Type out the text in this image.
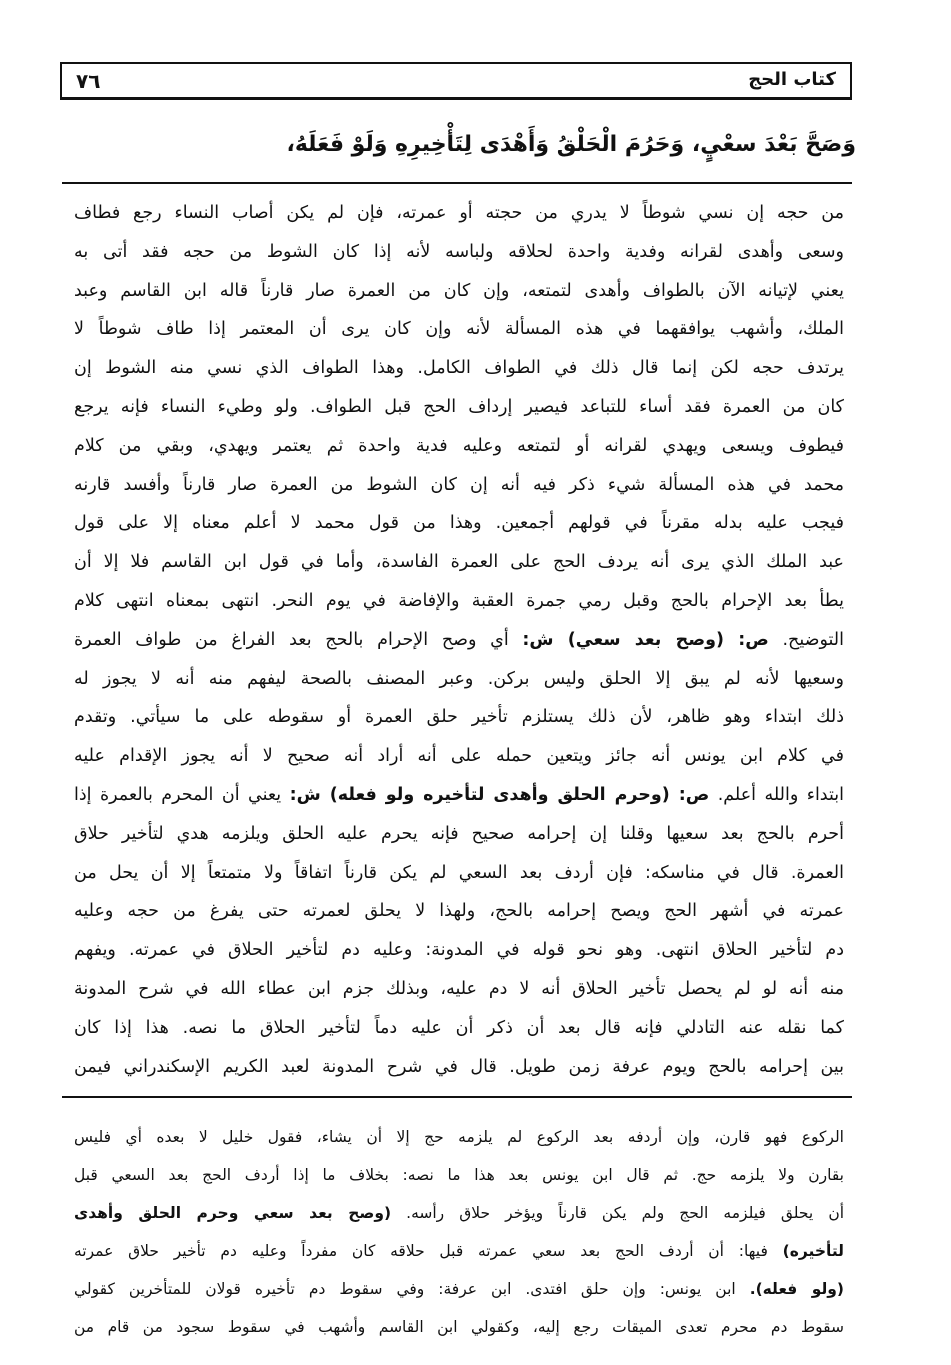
٧٦	كتاب الحج
وَصَحَّ بَعْدَ سعْيٍ، وَحَرُمَ الْحَلْقُ وَأَهْدَى لِتَأْخِيرِهِ وَلَوْ فَعَلَهُ،
من حجه إن نسي شوطاً لا يدري من حجته أو عمرته، فإن لم يكن أصاب النساء رجع فطاف
وسعى وأهدى لقرانه وفدية واحدة لحلاقه ولباسه لأنه إذا كان الشوط من حجه فقد أتى به
يعني لإتيانه الآن بالطواف وأهدى لتمتعه، وإن كان من العمرة صار قارناً قاله ابن القاسم وعبد
الملك، وأشهب يوافقهما في هذه المسألة لأنه وإن كان يرى أن المعتمر إذا طاف شوطاً لا
يرتدف حجه لكن إنما قال ذلك في الطواف الكامل. وهذا الطواف الذي نسي منه الشوط إن
كان من العمرة فقد أساء للتباعد فيصير إرداف الحج قبل الطواف. ولو وطيء النساء فإنه يرجع
فيطوف ويسعى ويهدي لقرانه أو لتمتعه وعليه فدية واحدة ثم يعتمر ويهدي، وبقي من كلام
محمد في هذه المسألة شيء ذكر فيه أنه إن كان الشوط من العمرة صار قارناً وأفسد قارنه
فيجب عليه بدله مقرناً في قولهم أجمعين. وهذا من قول محمد لا أعلم معناه إلا على قول
عبد الملك الذي يرى أنه يردف الحج على العمرة الفاسدة، وأما في قول ابن القاسم فلا إلا أن
يطأ بعد الإحرام بالحج وقبل رمي جمرة العقبة والإفاضة في يوم النحر. انتهى بمعناه انتهى كلام
التوضيح. ص: (وصح بعد سعي) ش: أي وصح الإحرام بالحج بعد الفراغ من طواف العمرة
وسعيها لأنه لم يبق إلا الحلق وليس بركن. وعبر المصنف بالصحة ليفهم منه أنه لا يجوز له
ذلك ابتداء وهو ظاهر، لأن ذلك يستلزم تأخير حلق العمرة أو سقوطه على ما سيأتي. وتقدم
في كلام ابن يونس أنه جائز ويتعين حمله على أنه أراد أنه صحيح لا أنه يجوز الإقدام عليه
ابتداء والله أعلم. ص: (وحرم الحلق وأهدى لتأخيره ولو فعله) ش: يعني أن المحرم بالعمرة إذا
أحرم بالحج بعد سعيها وقلنا إن إحرامه صحيح فإنه يحرم عليه الحلق ويلزمه هدي لتأخير حلاق
العمرة. قال في مناسكه: فإن أردف بعد السعي لم يكن قارناً اتفاقاً ولا متمتعاً إلا أن يحل من
عمرته في أشهر الحج ويصح إحرامه بالحج، ولهذا لا يحلق لعمرته حتى يفرغ من حجه وعليه
دم لتأخير الحلاق انتهى. وهو نحو قوله في المدونة: وعليه دم لتأخير الحلاق في عمرته. ويفهم
منه أنه لو لم يحصل تأخير الحلاق أنه لا دم عليه، وبذلك جزم ابن عطاء الله في شرح المدونة
كما نقله عنه التادلي فإنه قال بعد أن ذكر أن عليه دماً لتأخير الحلاق ما نصه. هذا إذا كان
بين إحرامه بالحج ويوم عرفة زمن طويل. قال في شرح المدونة لعبد الكريم الإسكندراني فيمن
الركوع فهو قارن، وإن أردفه بعد الركوع لم يلزمه حج إلا أن يشاء، فقول خليل لا بعده أي فليس
بقارن ولا يلزمه حج. ثم قال ابن يونس بعد هذا ما نصه: بخلاف ما إذا أردف الحج بعد السعي قبل
أن يحلق فيلزمه الحج ولم يكن قارناً ويؤخر حلاق رأسه. (وصح بعد سعي وحرم الحلق وأهدى
لتأخيره) فيها: أن أردف الحج بعد سعي عمرته قبل حلاقه كان مفرداً وعليه دم تأخير حلاق عمرته
(ولو فعله). ابن يونس: وإن حلق افتدى. ابن عرفة: وفي سقوط دم تأخيره قولان للمتأخرين كقولي
سقوط دم محرم تعدى الميقات رجع إليه، وكقولي ابن القاسم وأشهب في سقوط سجود من قام من
